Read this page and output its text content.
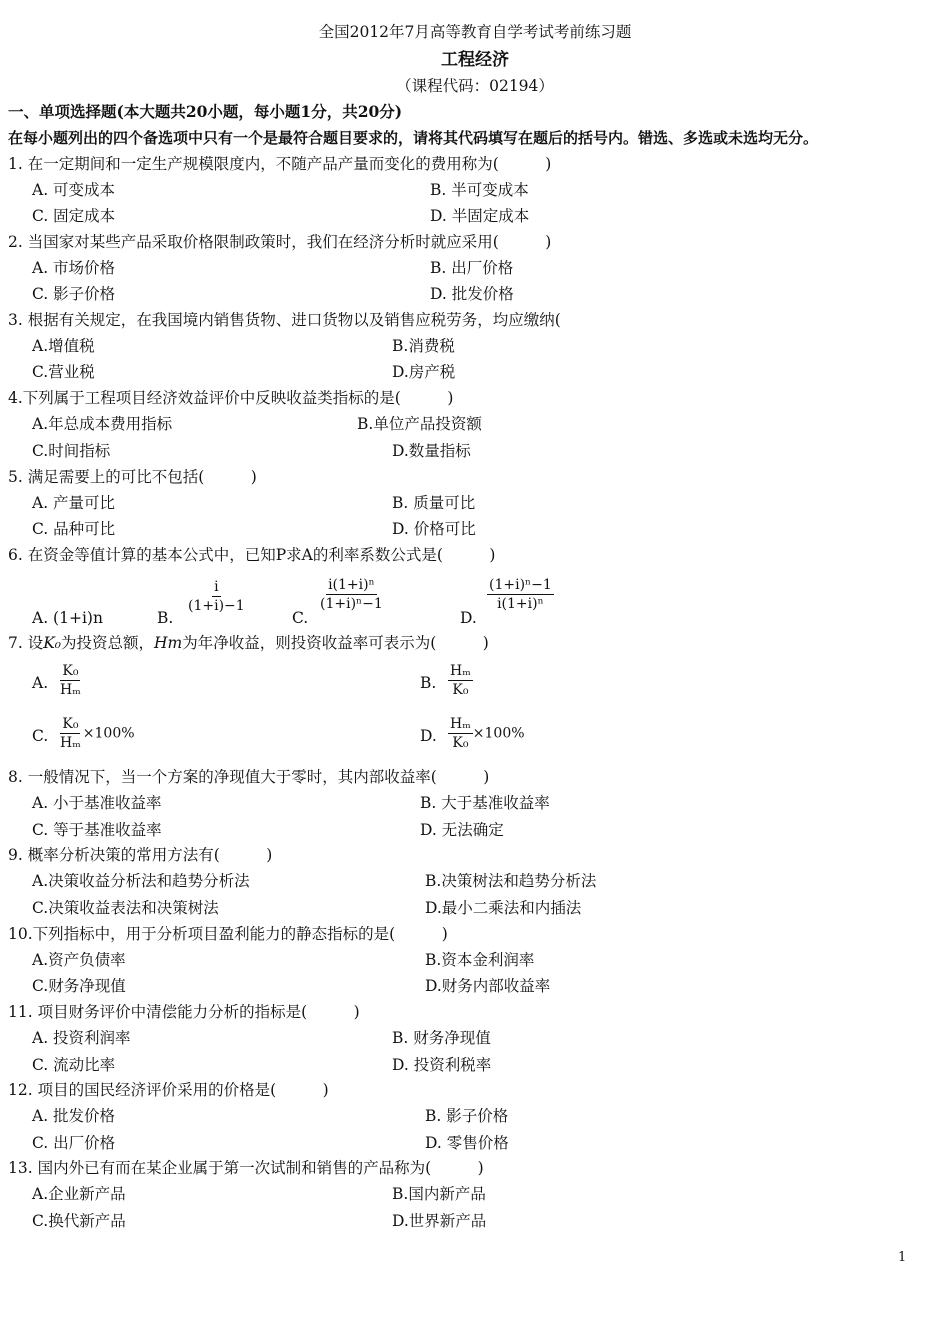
全国2012年7月高等教育自学考试考前练习题
工程经济
（课程代码：02194）
一、单项选择题(本大题共20小题，每小题1分，共20分)
在每小题列出的四个备选项中只有一个是最符合题目要求的，请将其代码填写在题后的括号内。错选、多选或未选均无分。
1. 在一定期间和一定生产规模限度内，不随产品产量而变化的费用称为(　　　)
A. 可变成本	B. 半可变成本
C. 固定成本	D. 半固定成本
2. 当国家对某些产品采取价格限制政策时，我们在经济分析时就应采用(　　　)
A. 市场价格	B. 出厂价格
C. 影子价格	D. 批发价格
3. 根据有关规定，在我国境内销售货物、进口货物以及销售应税劳务，均应缴纳(
A.增值税	B.消费税
C.营业税	D.房产税
4.下列属于工程项目经济效益评价中反映收益类指标的是(　　　)
A.年总成本费用指标	B.单位产品投资额
C.时间指标	D.数量指标
5. 满足需要上的可比不包括(　　　)
A. 产量可比	B. 质量可比
C. 品种可比	D. 价格可比
6. 在资金等值计算的基本公式中，已知P求A的利率系数公式是(　　　)
A. (1+i)n	B.
$\frac{i}{(1+i)-1}$
C.
$\frac{\text{i(1+i)ⁿ}}{\text{(1+i)ⁿ−1}}$
D.
$\frac{\text{(1+i)ⁿ−1}}{\text{i(1+i)ⁿ}}$
7. 设K₀为投资总额，Hm为年净收益，则投资收益率可表示为(　　　)
A. $\frac{\text{K₀}}{\text{Hₘ}}$	B. $\frac{\text{Hₘ}}{\text{K₀}}$
C. $\frac{\text{K₀}}{\text{Hₘ}} \times 100\%$	D. $\frac{\text{Hₘ}}{\text{K₀}} \times 100\%$
8. 一般情况下，当一个方案的净现值大于零时，其内部收益率(　　　)
A. 小于基准收益率	B. 大于基准收益率
C. 等于基准收益率	D. 无法确定
9. 概率分析决策的常用方法有(　　　)
A.决策收益分析法和趋势分析法	B.决策树法和趋势分析法
C.决策收益表法和决策树法	D.最小二乘法和内插法
10.下列指标中，用于分析项目盈利能力的静态指标的是(　　　)
A.资产负债率	B.资本金利润率
C.财务净现值	D.财务内部收益率
11. 项目财务评价中清偿能力分析的指标是(　　　)
A. 投资利润率	B. 财务净现值
C. 流动比率	D. 投资利税率
12. 项目的国民经济评价采用的价格是(　　　)
A. 批发价格	B. 影子价格
C. 出厂价格	D. 零售价格
13. 国内外已有而在某企业属于第一次试制和销售的产品称为(　　　)
A.企业新产品	B.国内新产品
C.换代新产品	D.世界新产品
1
